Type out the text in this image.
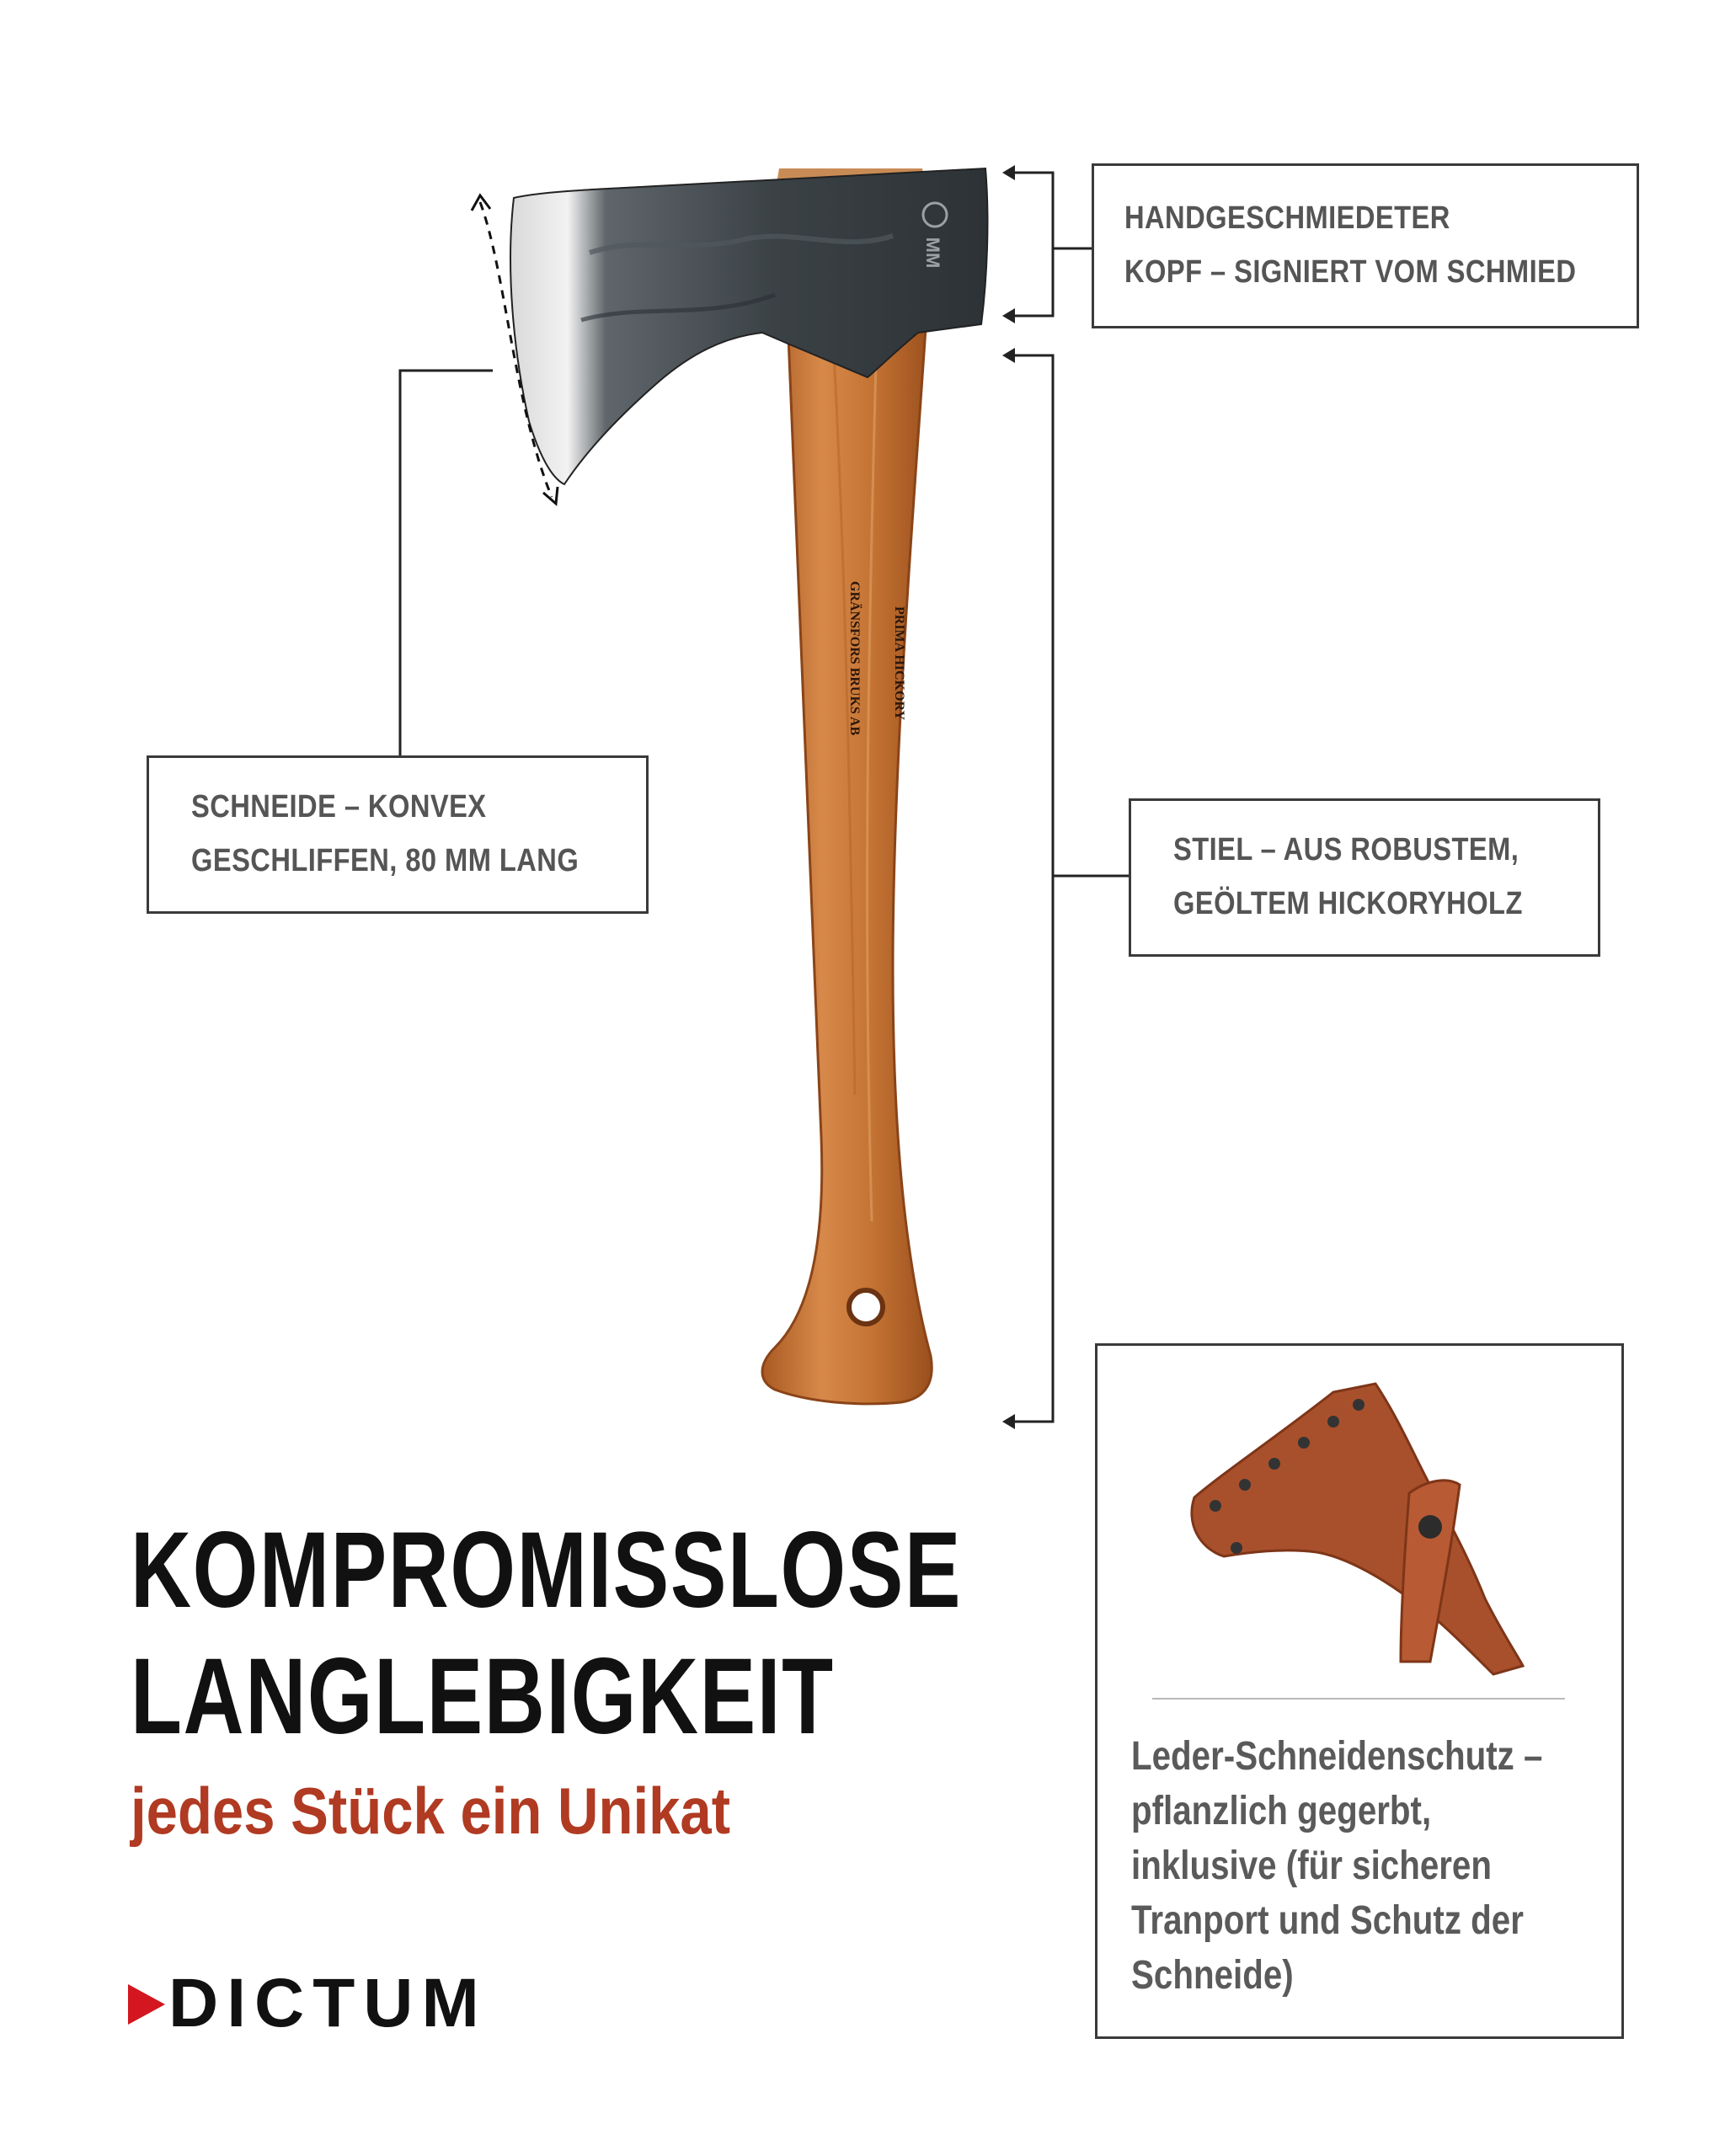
MM
PRIMA HICKORY
GRÄNSFORS BRUKS AB
HANDGESCHMIEDETER
KOPF – SIGNIERT VOM SCHMIED
SCHNEIDE – KONVEX
GESCHLIFFEN, 80 MM LANG	STIEL – AUS ROBUSTEM,
GEÖLTEM HICKORYHOLZ
KOMPROMISSLOSE
LANGLEBIGKEIT

jedes Stück ein Unikat

Leder-Schneidenschutz –
pflanzlich gegerbt,
inklusive (für sicheren
Tranport und Schutz der
Schneide)
DICTUM
